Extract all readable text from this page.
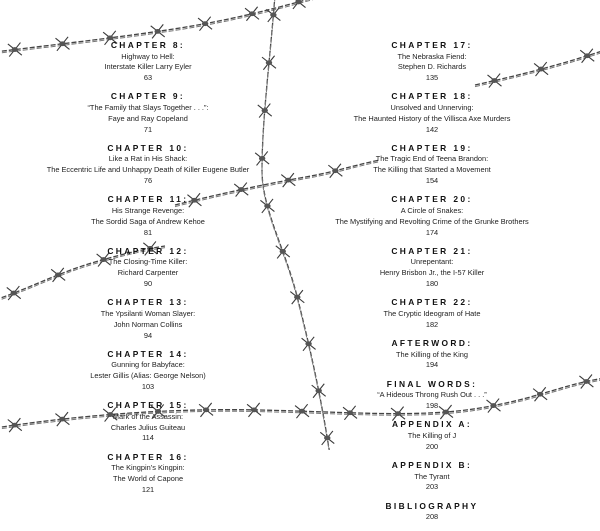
CHAPTER 8:
Highway to Hell:
Interstate Killer Larry Eyler
63
CHAPTER 9:
“The Family that Slays Together . . .”:
Faye and Ray Copeland
71
CHAPTER 10:
Like a Rat in His Shack:
The Eccentric Life and Unhappy Death of Killer Eugene Butler
76
CHAPTER 11:
His Strange Revenge:
The Sordid Saga of Andrew Kehoe
81
CHAPTER 12:
The Closing-Time Killer:
Richard Carpenter
90
CHAPTER 13:
The Ypsilanti Woman Slayer:
John Norman Collins
94
CHAPTER 14:
Gunning for Babyface:
Lester Gillis (Alias: George Nelson)
103
CHAPTER 15:
Mark of the Assassin:
Charles Julius Guiteau
114
CHAPTER 16:
The Kingpin’s Kingpin:
The World of Capone
121
CHAPTER 17:
The Nebraska Fiend:
Stephen D. Richards
135
CHAPTER 18:
Unsolved and Unnerving:
The Haunted History of the Villisca Axe Murders
142
CHAPTER 19:
The Tragic End of Teena Brandon:
The Killing that Started a Movement
154
CHAPTER 20:
A Circle of Snakes:
The Mystifying and Revolting Crime of the Grunke Brothers
174
CHAPTER 21:
Unrepentant:
Henry Brisbon Jr., the I-57 Killer
180
CHAPTER 22:
The Cryptic Ideogram of Hate
182
AFTERWORD:
The Killing of the King
194
FINAL WORDS:
“A Hideous Throng Rush Out . . .”
198
APPENDIX A:
The Killing of J
200
APPENDIX B:
The Tyrant
203
BIBLIOGRAPHY
208
